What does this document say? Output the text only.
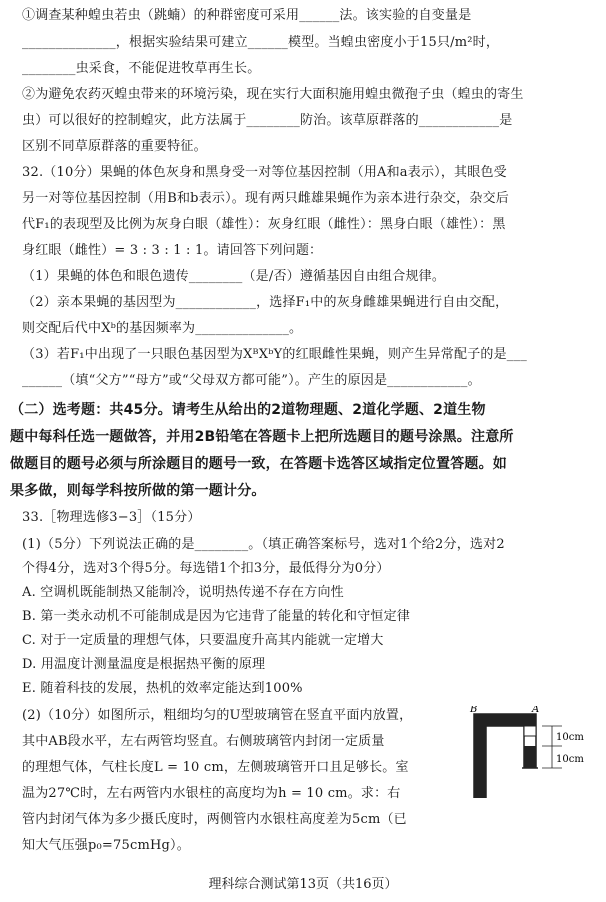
①调查某种蝗虫若虫（跳蝻）的种群密度可采用______法。该实验的自变量是
______________，根据实验结果可建立______模型。当蝗虫密度小于15只/m²时，
________虫采食，不能促进牧草再生长。
②为避免农药灭蝗虫带来的环境污染，现在实行大面积施用蝗虫微孢子虫（蝗虫的寄生
虫）可以很好的控制蝗灾，此方法属于________防治。该草原群落的____________是
区别不同草原群落的重要特征。
32.（10分）果蝇的体色灰身和黑身受一对等位基因控制（用A和a表示），其眼色受
另一对等位基因控制（用B和b表示）。现有两只雌雄果蝇作为亲本进行杂交，杂交后
代F₁的表现型及比例为灰身白眼（雄性）：灰身红眼（雌性）：黑身白眼（雄性）：黑
身红眼（雌性）= 3 : 3 : 1 : 1。请回答下列问题：
（1）果蝇的体色和眼色遗传________（是/否）遵循基因自由组合规律。
（2）亲本果蝇的基因型为____________，选择F₁中的灰身雌雄果蝇进行自由交配，
则交配后代中Xᵇ的基因频率为______________。
（3）若F₁中出现了一只眼色基因型为XᴮXᵇY的红眼雌性果蝇，则产生异常配子的是___
______（填“父方”“母方”或“父母双方都可能”）。产生的原因是____________。
（二）选考题：共45分。请考生从给出的2道物理题、2道化学题、2道生物
题中每科任选一题做答，并用2B铅笔在答题卡上把所选题目的题号涂黑。注意所
做题目的题号必须与所涂题目的题号一致，在答题卡选答区域指定位置答题。如
果多做，则每学科按所做的第一题计分。
33.［物理选修3−3］（15分）
(1)（5分）下列说法正确的是________。（填正确答案标号，选对1个给2分，选对2
个得4分，选对3个得5分。每选错1个扣3分，最低得分为0分）
A. 空调机既能制热又能制冷，说明热传递不存在方向性
B. 第一类永动机不可能制成是因为它违背了能量的转化和守恒定律
C. 对于一定质量的理想气体，只要温度升高其内能就一定增大
D. 用温度计测量温度是根据热平衡的原理
E. 随着科技的发展，热机的效率定能达到100%
(2)（10分）如图所示，粗细均匀的U型玻璃管在竖直平面内放置，
其中AB段水平，左右两管均竖直。右侧玻璃管内封闭一定质量
的理想气体，气柱长度L = 10 cm，左侧玻璃管开口且足够长。室
温为27℃时，左右两管内水银柱的高度均为h = 10 cm。求：右
管内封闭气体为多少摄氏度时，两侧管内水银柱高度差为5cm（已
知大气压强p₀=75cmHg）。
B	A
10cm
10cm
理科综合测试第13页（共16页）
